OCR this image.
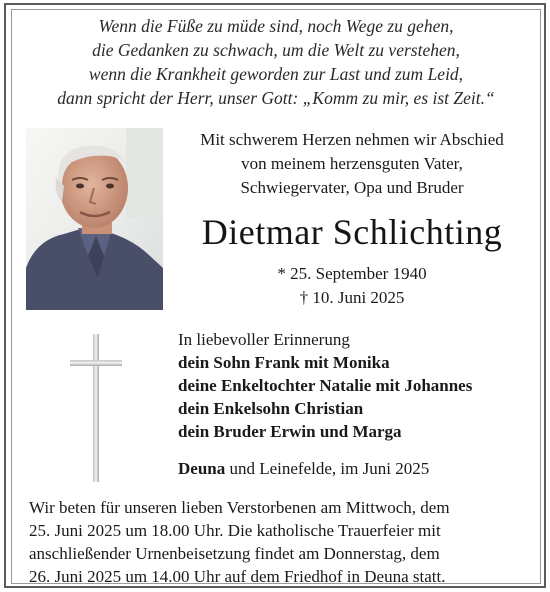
Wenn die Füße zu müde sind, noch Wege zu gehen,
die Gedanken zu schwach, um die Welt zu verstehen,
wenn die Krankheit geworden zur Last und zum Leid,
dann spricht der Herr, unser Gott: „Komm zu mir, es ist Zeit.“
Mit schwerem Herzen nehmen wir Abschied
von meinem herzensguten Vater,
Schwiegervater, Opa und Bruder
Dietmar Schlichting
* 25. September 1940
† 10. Juni 2025
In liebevoller Erinnerung
dein Sohn Frank mit Monika
deine Enkeltochter Natalie mit Johannes
dein Enkelsohn Christian
dein Bruder Erwin und Marga
Deuna und Leinefelde, im Juni 2025
Wir beten für unseren lieben Verstorbenen am Mittwoch, dem
25. Juni 2025 um 18.00 Uhr. Die katholische Trauerfeier mit
anschließender Urnenbeisetzung findet am Donnerstag, dem
26. Juni 2025 um 14.00 Uhr auf dem Friedhof in Deuna statt.
